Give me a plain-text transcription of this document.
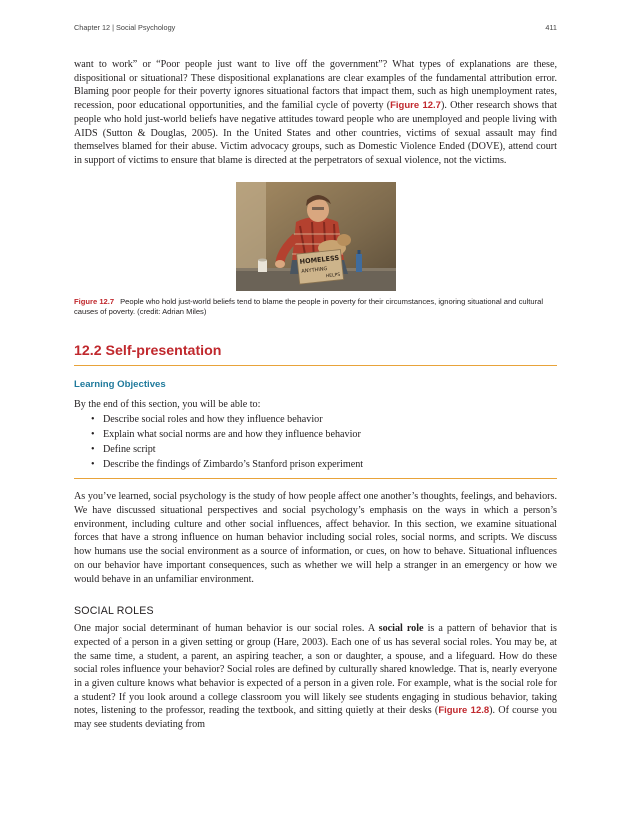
Chapter 12 | Social Psychology	411

want to work” or “Poor people just want to live off the government”? What types of explanations are these, dispositional or situational? These dispositional explanations are clear examples of the fundamental attribution error. Blaming poor people for their poverty ignores situational factors that impact them, such as high unemployment rates, recession, poor educational opportunities, and the familial cycle of poverty (Figure 12.7). Other research shows that people who hold just-world beliefs have negative attitudes toward people who are unemployed and people living with AIDS (Sutton & Douglas, 2005). In the United States and other countries, victims of sexual assault may find themselves blamed for their abuse. Victim advocacy groups, such as Domestic Violence Ended (DOVE), attend court in support of victims to ensure that blame is directed at the perpetrators of sexual violence, not the victims.

HOMELESS
ANYTHING
HELPS
Figure 12.7 People who hold just-world beliefs tend to blame the people in poverty for their circumstances, ignoring situational and cultural causes of poverty. (credit: Adrian Miles)
12.2 Self-presentation
Learning Objectives
By the end of this section, you will be able to:
• Describe social roles and how they influence behavior
• Explain what social norms are and how they influence behavior
• Define script
• Describe the findings of Zimbardo’s Stanford prison experiment

As you’ve learned, social psychology is the study of how people affect one another’s thoughts, feelings, and behaviors. We have discussed situational perspectives and social psychology’s emphasis on the ways in which a person’s environment, including culture and other social influences, affect behavior. In this section, we examine situational forces that have a strong influence on human behavior including social roles, social norms, and scripts. We discuss how humans use the social environment as a source of information, or cues, on how to behave. Situational influences on our behavior have important consequences, such as whether we will help a stranger in an emergency or how we would behave in an unfamiliar environment.

SOCIAL ROLES

One major social determinant of human behavior is our social roles. A social role is a pattern of behavior that is expected of a person in a given setting or group (Hare, 2003). Each one of us has several social roles. You may be, at the same time, a student, a parent, an aspiring teacher, a son or daughter, a spouse, and a lifeguard. How do these social roles influence your behavior? Social roles are defined by culturally shared knowledge. That is, nearly everyone in a given culture knows what behavior is expected of a person in a given role. For example, what is the social role for a student? If you look around a college classroom you will likely see students engaging in studious behavior, taking notes, listening to the professor, reading the textbook, and sitting quietly at their desks (Figure 12.8). Of course you may see students deviating from
